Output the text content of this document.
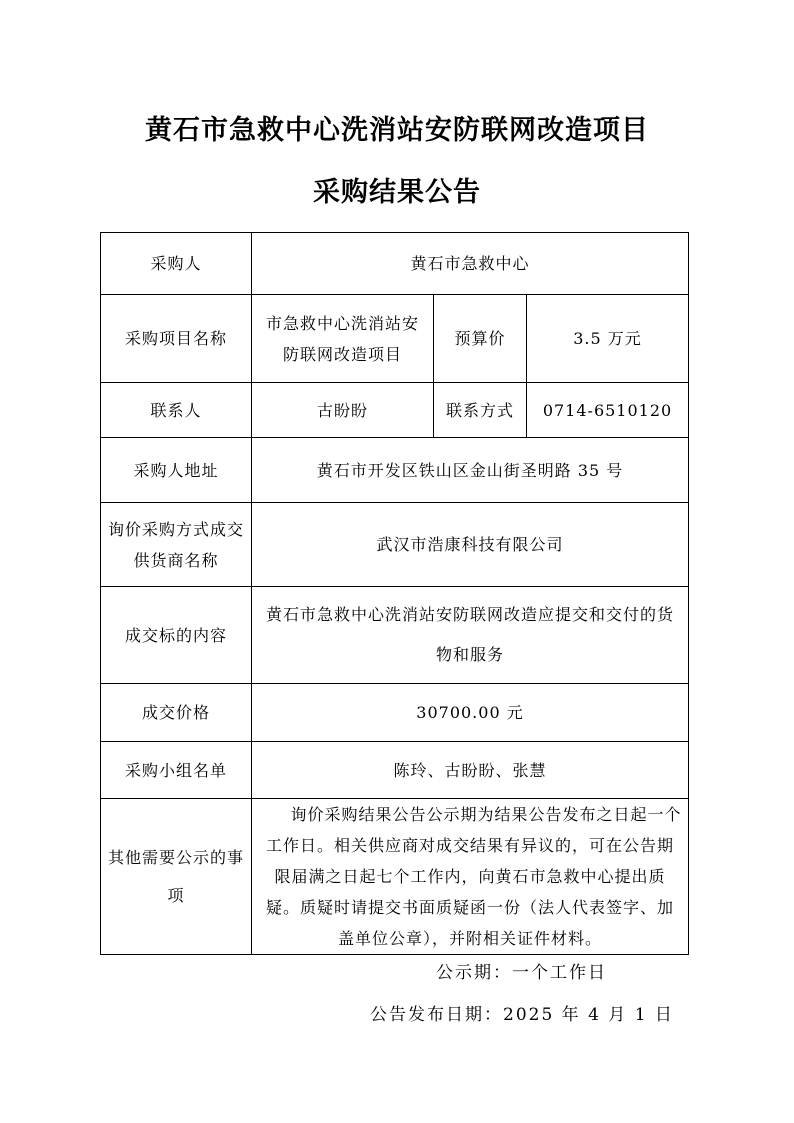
黄石市急救中心洗消站安防联网改造项目
采购结果公告
采购人	黄石市急救中心		
采购项目名称	市急救中心洗消站安防联网改造项目	预算价	3.5 万元
联系人	古盼盼	联系方式	0714-6510120
采购人地址	黄石市开发区铁山区金山街圣明路 35 号		
询价采购方式成交供货商名称	武汉市浩康科技有限公司		
成交标的内容	黄石市急救中心洗消站安防联网改造应提交和交付的货物和服务		
成交价格	30700.00 元		
采购小组名单	陈玲、古盼盼、张慧		
其他需要公示的事项	询价采购结果公告公示期为结果公告发布之日起一个工作日。相关供应商对成交结果有异议的，可在公告期限届满之日起七个工作内，向黄石市急救中心提出质疑。质疑时请提交书面质疑函一份（法人代表签字、加盖单位公章），并附相关证件材料。		

公示期：一个工作日
公告发布日期：2025 年 4 月 1 日
